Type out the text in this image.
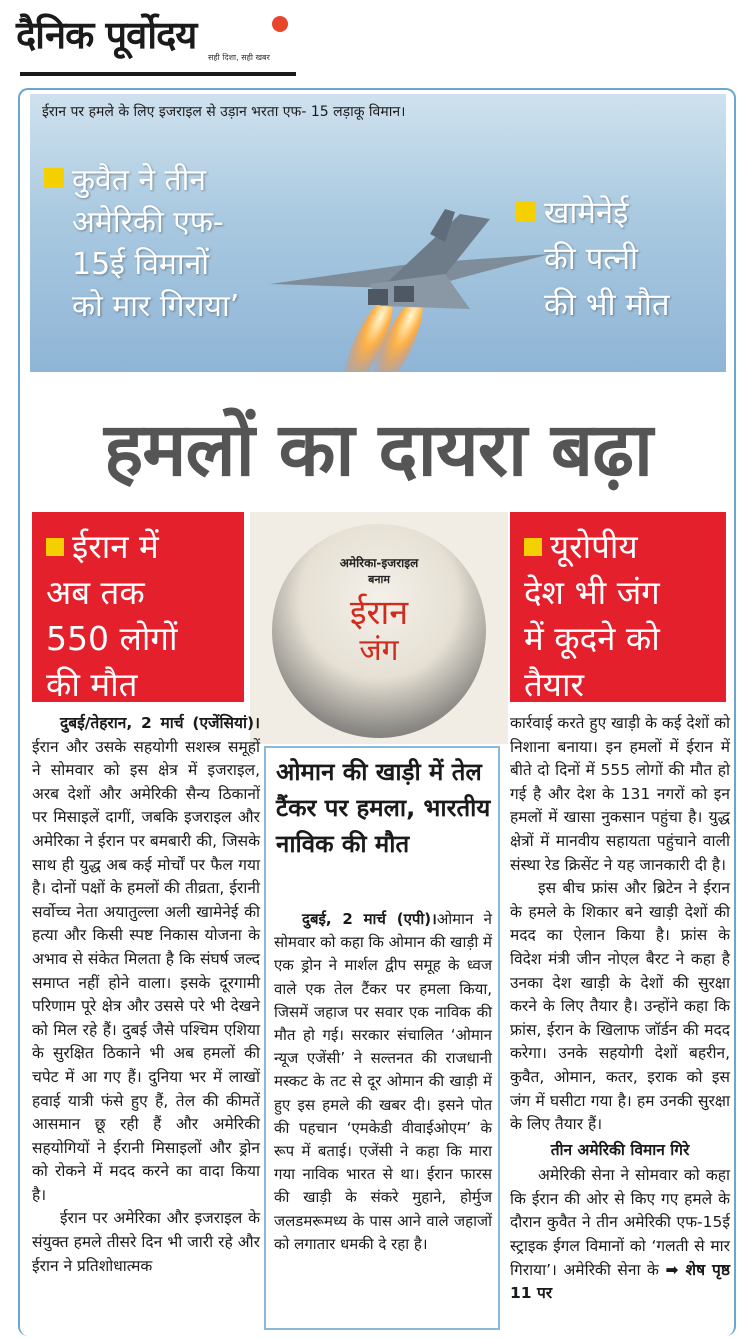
दैनिक पूर्वोदय
सही दिशा, सही खबर
ईरान पर हमले के लिए इजराइल से उड़ान भरता एफ- 15 लड़ाकू विमान।
कुवैत ने तीन
अमेरिकी एफ-
15ई विमानों
को मार गिराया’
खामेनेई
की पत्नी
की भी मौत
हमलों का दायरा बढ़ा
ईरान में
अब तक
550 लोगों
की मौत
अमेरिका-इजराइल
बनाम
ईरान
जंग
यूरोपीय
देश भी जंग
में कूदने को
तैयार

दुबई/तेहरान, 2 मार्च (एजेंसियां)। ईरान और उसके सहयोगी सशस्त्र समूहों ने सोमवार को इस क्षेत्र में इजराइल, अरब देशों और अमेरिकी सैन्य ठिकानों पर मिसाइलें दागीं, जबकि इजराइल और अमेरिका ने ईरान पर बमबारी की, जिसके साथ ही युद्ध अब कई मोर्चों पर फैल गया है। दोनों पक्षों के हमलों की तीव्रता, ईरानी सर्वोच्च नेता अयातुल्ला अली खामेनेई की हत्या और किसी स्पष्ट निकास योजना के अभाव से संकेत मिलता है कि संघर्ष जल्द समाप्त नहीं होने वाला। इसके दूरगामी परिणाम पूरे क्षेत्र और उससे परे भी देखने को मिल रहे हैं। दुबई जैसे पश्चिम एशिया के सुरक्षित ठिकाने भी अब हमलों की चपेट में आ गए हैं। दुनिया भर में लाखों हवाई यात्री फंसे हुए हैं, तेल की कीमतें आसमान छू रही हैं और अमेरिकी सहयोगियों ने ईरानी मिसाइलों और ड्रोन को रोकने में मदद करने का वादा किया है।

ईरान पर अमेरिका और इजराइल के संयुक्त हमले तीसरे दिन भी जारी रहे और ईरान ने प्रतिशोधात्मक

ओमान की खाड़ी में तेल टैंकर पर हमला, भारतीय नाविक की मौत

दुबई, 2 मार्च (एपी)।ओमान ने सोमवार को कहा कि ओमान की खाड़ी में एक ड्रोन ने मार्शल द्वीप समूह के ध्वज वाले एक तेल टैंकर पर हमला किया, जिसमें जहाज पर सवार एक नाविक की मौत हो गई। सरकार संचालित ‘ओमान न्यूज एजेंसी’ ने सल्तनत की राजधानी मस्कट के तट से दूर ओमान की खाड़ी में हुए इस हमले की खबर दी। इसने पोत की पहचान ‘एमकेडी वीवाईओएम’ के रूप में बताई। एजेंसी ने कहा कि मारा गया नाविक भारत से था। ईरान फारस की खाड़ी के संकरे मुहाने, होर्मुज जलडमरूमध्य के पास आने वाले जहाजों को लगातार धमकी दे रहा है।

कार्रवाई करते हुए खाड़ी के कई देशों को निशाना बनाया। इन हमलों में ईरान में बीते दो दिनों में 555 लोगों की मौत हो गई है और देश के 131 नगरों को इन हमलों में खासा नुकसान पहुंचा है। युद्ध क्षेत्रों में मानवीय सहायता पहुंचाने वाली संस्था रेड क्रिसेंट ने यह जानकारी दी है।

इस बीच फ्रांस और ब्रिटेन ने ईरान के हमले के शिकार बने खाड़ी देशों की मदद का ऐलान किया है। फ्रांस के विदेश मंत्री जीन नोएल बैरट ने कहा है उनका देश खाड़ी के देशों की सुरक्षा करने के लिए तैयार है। उन्होंने कहा कि फ्रांस, ईरान के खिलाफ जॉर्डन की मदद करेगा। उनके सहयोगी देशों बहरीन, कुवैत, ओमान, कतर, इराक को इस जंग में घसीटा गया है। हम उनकी सुरक्षा के लिए तैयार हैं।

तीन अमेरिकी विमान गिरे

अमेरिकी सेना ने सोमवार को कहा कि ईरान की ओर से किए गए हमले के दौरान कुवैत ने तीन अमेरिकी एफ-15ई स्ट्राइक ईगल विमानों को ‘गलती से मार गिराया’। अमेरिकी सेना के ➡ शेष पृष्ठ 11 पर
